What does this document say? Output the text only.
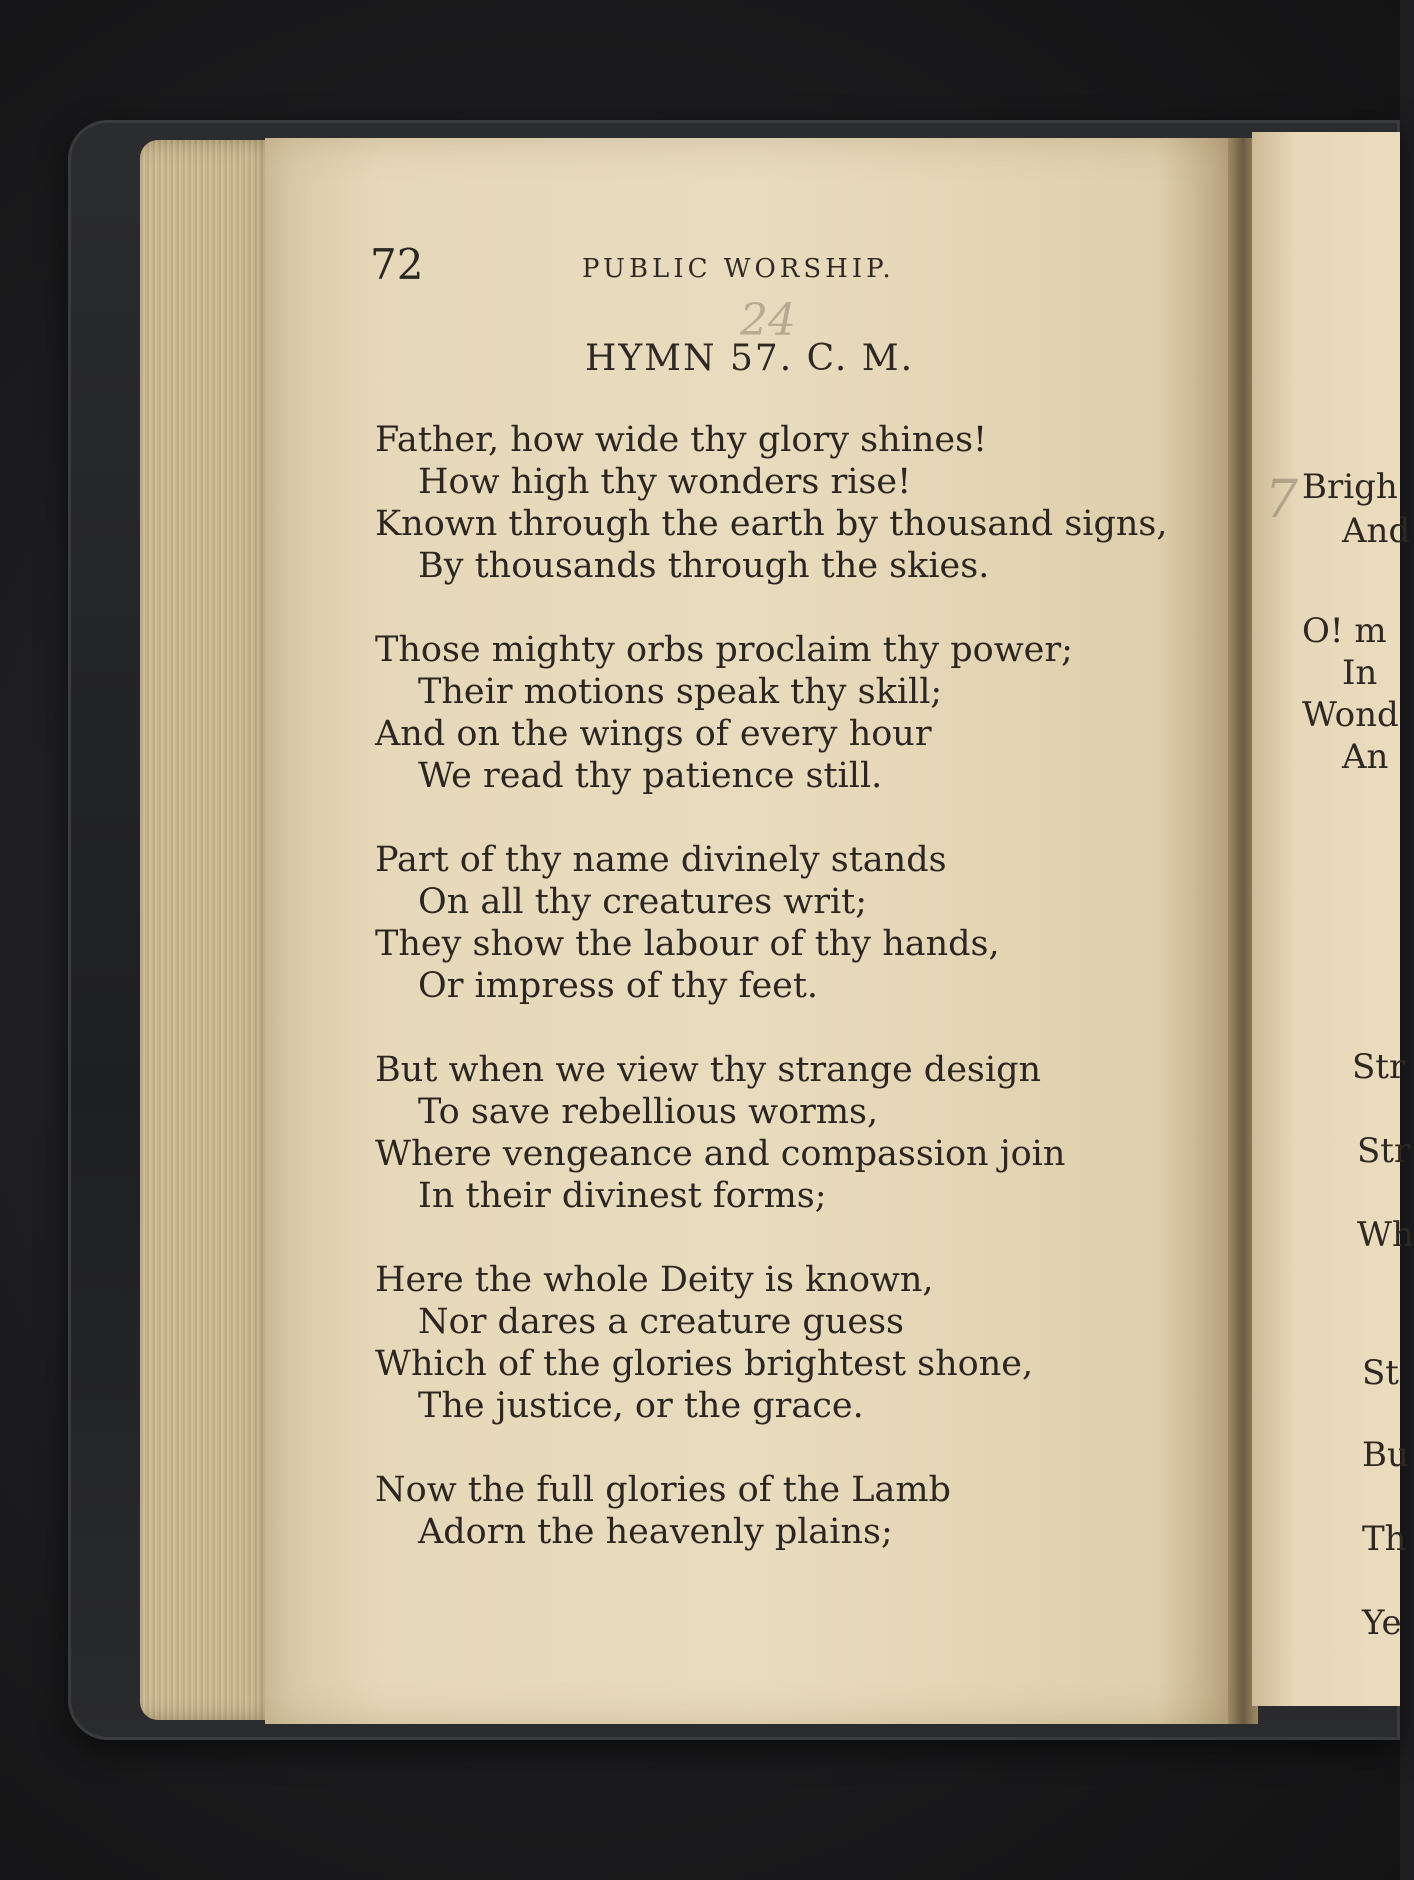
Brigh
And
O! m
In
Wond
An
Str
Str
Wh
St
Bu
Th
Ye
24
7
72	PUBLIC WORSHIP.
HYMN 57. C. M.
Father, how wide thy glory shines!
How high thy wonders rise!
Known through the earth by thousand signs,
By thousands through the skies.
Those mighty orbs proclaim thy power;
Their motions speak thy skill;
And on the wings of every hour
We read thy patience still.
Part of thy name divinely stands
On all thy creatures writ;
They show the labour of thy hands,
Or impress of thy feet.
But when we view thy strange design
To save rebellious worms,
Where vengeance and compassion join
In their divinest forms;
Here the whole Deity is known,
Nor dares a creature guess
Which of the glories brightest shone,
The justice, or the grace.
Now the full glories of the Lamb
Adorn the heavenly plains;
